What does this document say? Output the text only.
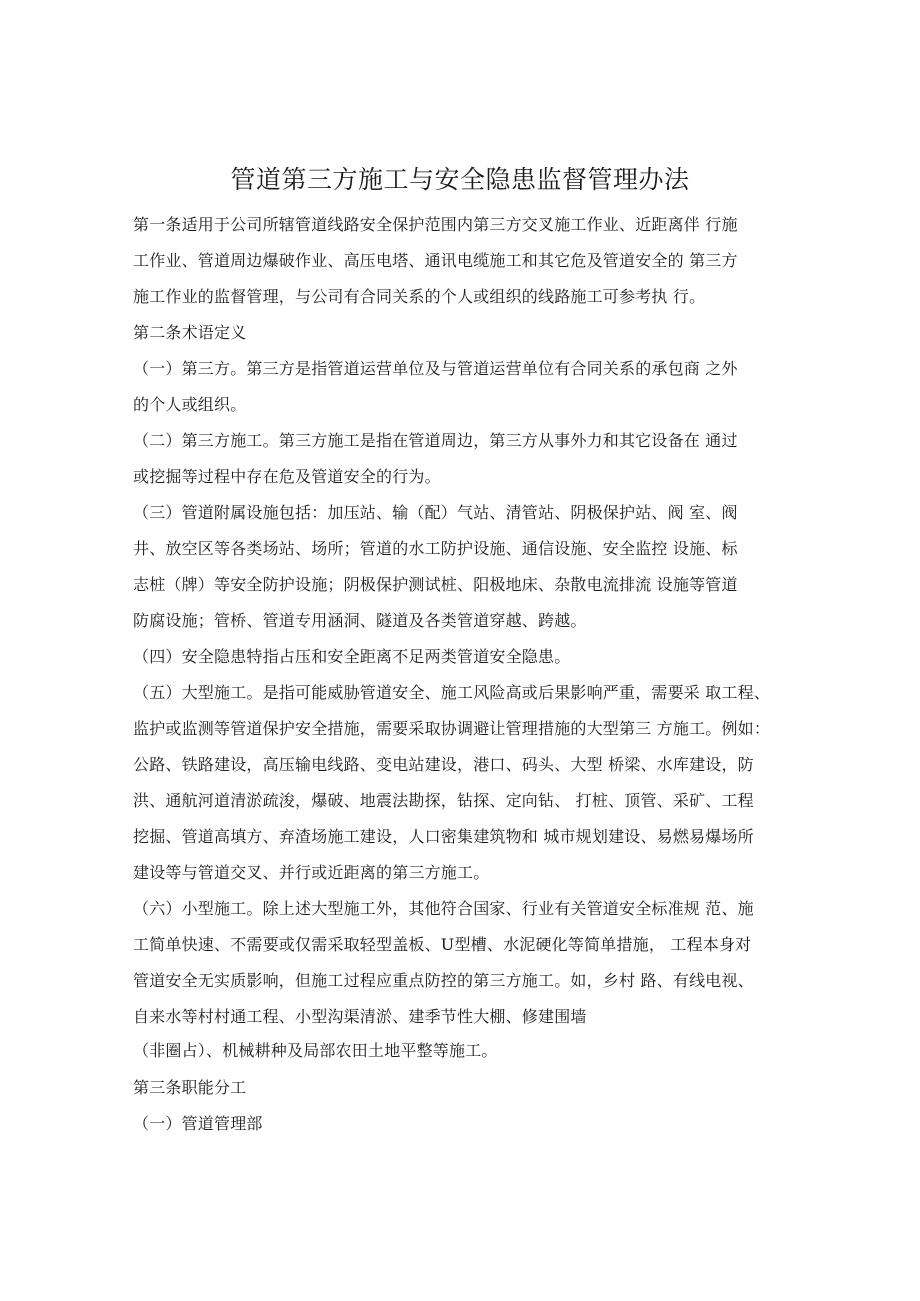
管道第三方施工与安全隐患监督管理办法
第一条适用于公司所辖管道线路安全保护范围内第三方交叉施工作业、近距离伴 行施
工作业、管道周边爆破作业、高压电塔、通讯电缆施工和其它危及管道安全的 第三方
施工作业的监督管理，与公司有合同关系的个人或组织的线路施工可参考执 行。
第二条术语定义
（一）第三方。第三方是指管道运营单位及与管道运营单位有合同关系的承包商 之外
的个人或组织。
（二）第三方施工。第三方施工是指在管道周边，第三方从事外力和其它设备在 通过
或挖掘等过程中存在危及管道安全的行为。
（三）管道附属设施包括：加压站、输（配）气站、清管站、阴极保护站、阀 室、阀
井、放空区等各类场站、场所；管道的水工防护设施、通信设施、安全监控 设施、标
志桩（牌）等安全防护设施；阴极保护测试桩、阳极地床、杂散电流排流 设施等管道
防腐设施；管桥、管道专用涵洞、隧道及各类管道穿越、跨越。
（四）安全隐患特指占压和安全距离不足两类管道安全隐患。
（五）大型施工。是指可能威胁管道安全、施工风险高或后果影响严重，需要采 取工程、
监护或监测等管道保护安全措施，需要采取协调避让管理措施的大型第三 方施工。例如：
公路、铁路建设，高压输电线路、变电站建设，港口、码头、大型 桥梁、水库建设，防
洪、通航河道清淤疏浚，爆破、地震法勘探，钻探、定向钻、 打桩、顶管、采矿、工程
挖掘、管道高填方、弃渣场施工建设，人口密集建筑物和 城市规划建设、易燃易爆场所
建设等与管道交叉、并行或近距离的第三方施工。
（六）小型施工。除上述大型施工外，其他符合国家、行业有关管道安全标准规 范、施
工简单快速、不需要或仅需采取轻型盖板、U型槽、水泥硬化等简单措施， 工程本身对
管道安全无实质影响，但施工过程应重点防控的第三方施工。如，乡村 路、有线电视、
自来水等村村通工程、小型沟渠清淤、建季节性大棚、修建围墙
（非圈占）、机械耕种及局部农田土地平整等施工。
第三条职能分工
（一）管道管理部
